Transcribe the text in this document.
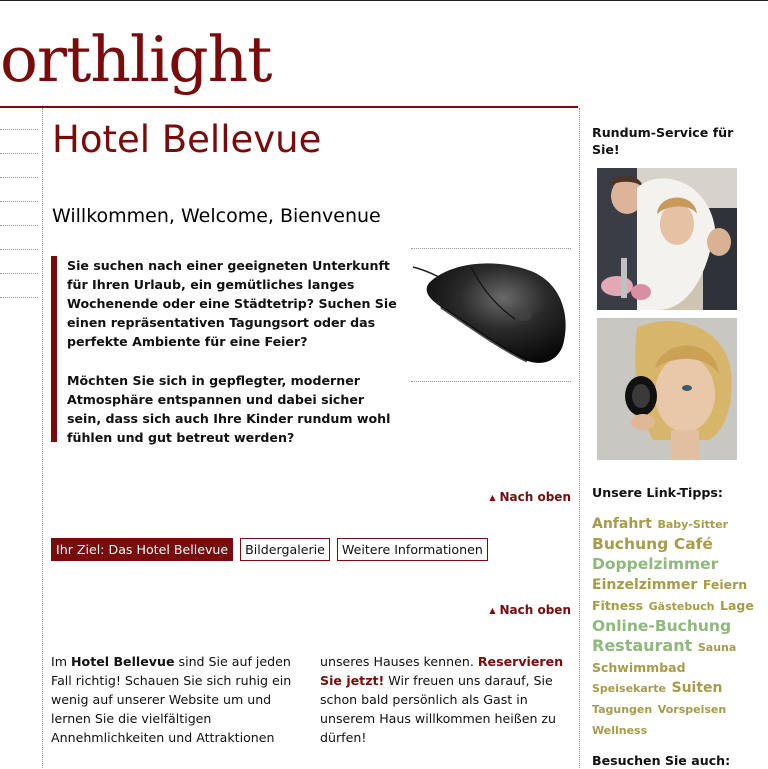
orthlight
Hotel Bellevue
Willkommen, Welcome, Bienvenue

Sie suchen nach einer geeigneten Unterkunft für Ihren Urlaub, ein gemütliches langes Wochenende oder eine Städtetrip? Suchen Sie einen repräsentativen Tagungsort oder das perfekte Ambiente für eine Feier?

Möchten Sie sich in gepflegter, moderner Atmosphäre entspannen und dabei sicher sein, dass sich auch Ihre Kinder rundum wohl fühlen und gut betreut werden?

▲ Nach oben
Ihr Ziel: Das Hotel Bellevue	Bildergalerie	Weitere Informationen
▲ Nach oben

Im Hotel Bellevue sind Sie auf jeden Fall richtig! Schauen Sie sich ruhig ein wenig auf unserer Website um und lernen Sie die vielfältigen Annehmlichkeiten und Attraktionen

unseres Hauses kennen. Reservieren Sie jetzt! Wir freuen uns darauf, Sie schon bald persönlich als Gast in unserem Haus willkommen heißen zu dürfen!

Rundum-Service für Sie!
Unsere Link-Tipps:
Anfahrt Baby-Sitter
Buchung Café
Doppelzimmer
Einzelzimmer Feiern
Fitness Gästebuch Lage
Online-Buchung
Restaurant Sauna
Schwimmbad
Speisekarte Suiten
Tagungen Vorspeisen
Wellness
Besuchen Sie auch:
